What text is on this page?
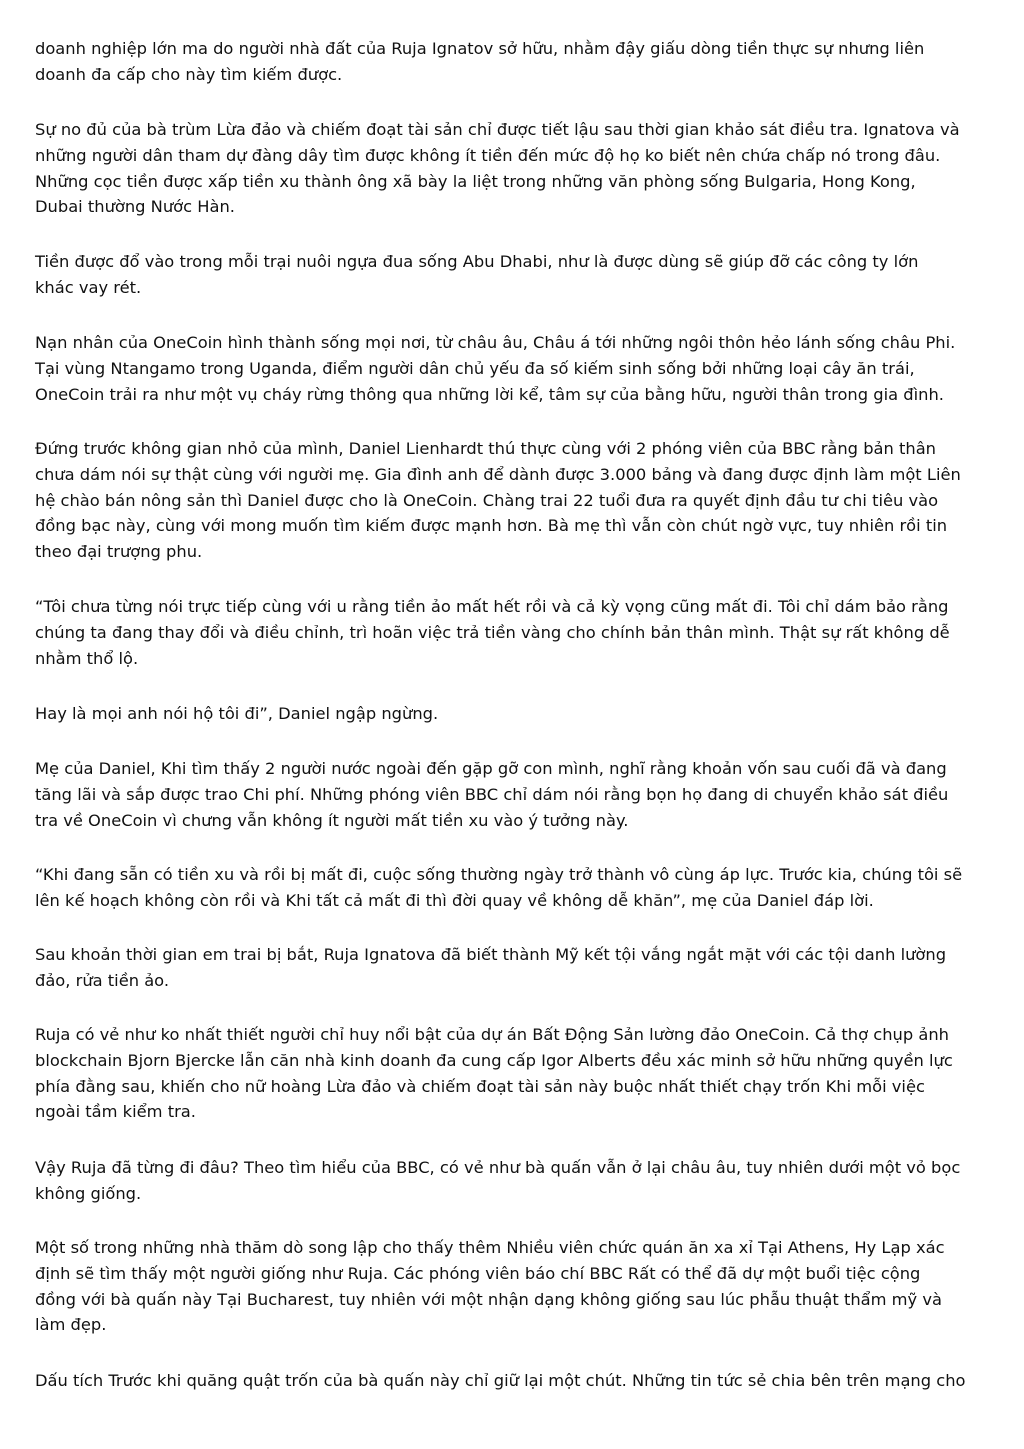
doanh nghiệp lớn ma do người nhà đất của Ruja Ignatov sở hữu, nhằm đậy giấu dòng tiền thực sự nhưng liên
doanh đa cấp cho này tìm kiếm được.

Sự no đủ của bà trùm Lừa đảo và chiếm đoạt tài sản chỉ được tiết lậu sau thời gian khảo sát điều tra. Ignatova và
những người dân tham dự đàng dây tìm được không ít tiền đến mức độ họ ko biết nên chứa chấp nó trong đâu.
Những cọc tiền được xấp tiền xu thành ông xã bày la liệt trong những văn phòng sống Bulgaria, Hong Kong,
Dubai thường Nước Hàn.

Tiền được đổ vào trong mỗi trại nuôi ngựa đua sống Abu Dhabi, như là được dùng sẽ giúp đỡ các công ty lớn
khác vay rét.

Nạn nhân của OneCoin hình thành sống mọi nơi, từ châu âu, Châu á tới những ngôi thôn hẻo lánh sống châu Phi.
Tại vùng Ntangamo trong Uganda, điểm người dân chủ yếu đa số kiếm sinh sống bởi những loại cây ăn trái,
OneCoin trải ra như một vụ cháy rừng thông qua những lời kể, tâm sự của bằng hữu, người thân trong gia đình.

Đứng trước không gian nhỏ của mình, Daniel Lienhardt thú thực cùng với 2 phóng viên của BBC rằng bản thân
chưa dám nói sự thật cùng với người mẹ. Gia đình anh để dành được 3.000 bảng và đang được định làm một Liên
hệ chào bán nông sản thì Daniel được cho là OneCoin. Chàng trai 22 tuổi đưa ra quyết định đầu tư chi tiêu vào
đồng bạc này, cùng với mong muốn tìm kiếm được mạnh hơn. Bà mẹ thì vẫn còn chút ngờ vực, tuy nhiên rồi tin
theo đại trượng phu.

“Tôi chưa từng nói trực tiếp cùng với u rằng tiền ảo mất hết rồi và cả kỳ vọng cũng mất đi. Tôi chỉ dám bảo rằng
chúng ta đang thay đổi và điều chỉnh, trì hoãn việc trả tiền vàng cho chính bản thân mình. Thật sự rất không dễ
nhằm thổ lộ.

Hay là mọi anh nói hộ tôi đi”, Daniel ngập ngừng.

Mẹ của Daniel, Khi tìm thấy 2 người nước ngoài đến gặp gỡ con mình, nghĩ rằng khoản vốn sau cuối đã và đang
tăng lãi và sắp được trao Chi phí. Những phóng viên BBC chỉ dám nói rằng bọn họ đang di chuyển khảo sát điều
tra về OneCoin vì chưng vẫn không ít người mất tiền xu vào ý tưởng này.

“Khi đang sẵn có tiền xu và rồi bị mất đi, cuộc sống thường ngày trở thành vô cùng áp lực. Trước kia, chúng tôi sẽ
lên kế hoạch không còn rồi và Khi tất cả mất đi thì đời quay về không dễ khăn”, mẹ của Daniel đáp lời.

Sau khoản thời gian em trai bị bắt, Ruja Ignatova đã biết thành Mỹ kết tội vắng ngắt mặt với các tội danh lường
đảo, rửa tiền ảo.

Ruja có vẻ như ko nhất thiết người chỉ huy nổi bật của dự án Bất Động Sản lường đảo OneCoin. Cả thợ chụp ảnh
blockchain Bjorn Bjercke lẫn căn nhà kinh doanh đa cung cấp Igor Alberts đều xác minh sở hữu những quyền lực
phía đằng sau, khiến cho nữ hoàng Lừa đảo và chiếm đoạt tài sản này buộc nhất thiết chạy trốn Khi mỗi việc
ngoài tầm kiểm tra.

Vậy Ruja đã từng đi đâu? Theo tìm hiểu của BBC, có vẻ như bà quấn vẫn ở lại châu âu, tuy nhiên dưới một vỏ bọc
không giống.

Một số trong những nhà thăm dò song lập cho thấy thêm Nhiều viên chức quán ăn xa xỉ Tại Athens, Hy Lạp xác
định sẽ tìm thấy một người giống như Ruja. Các phóng viên báo chí BBC Rất có thể đã dự một buổi tiệc cộng
đồng với bà quấn này Tại Bucharest, tuy nhiên với một nhận dạng không giống sau lúc phẫu thuật thẩm mỹ và
làm đẹp.

Dấu tích Trước khi quăng quật trốn của bà quấn này chỉ giữ lại một chút. Những tin tức sẻ chia bên trên mạng cho
